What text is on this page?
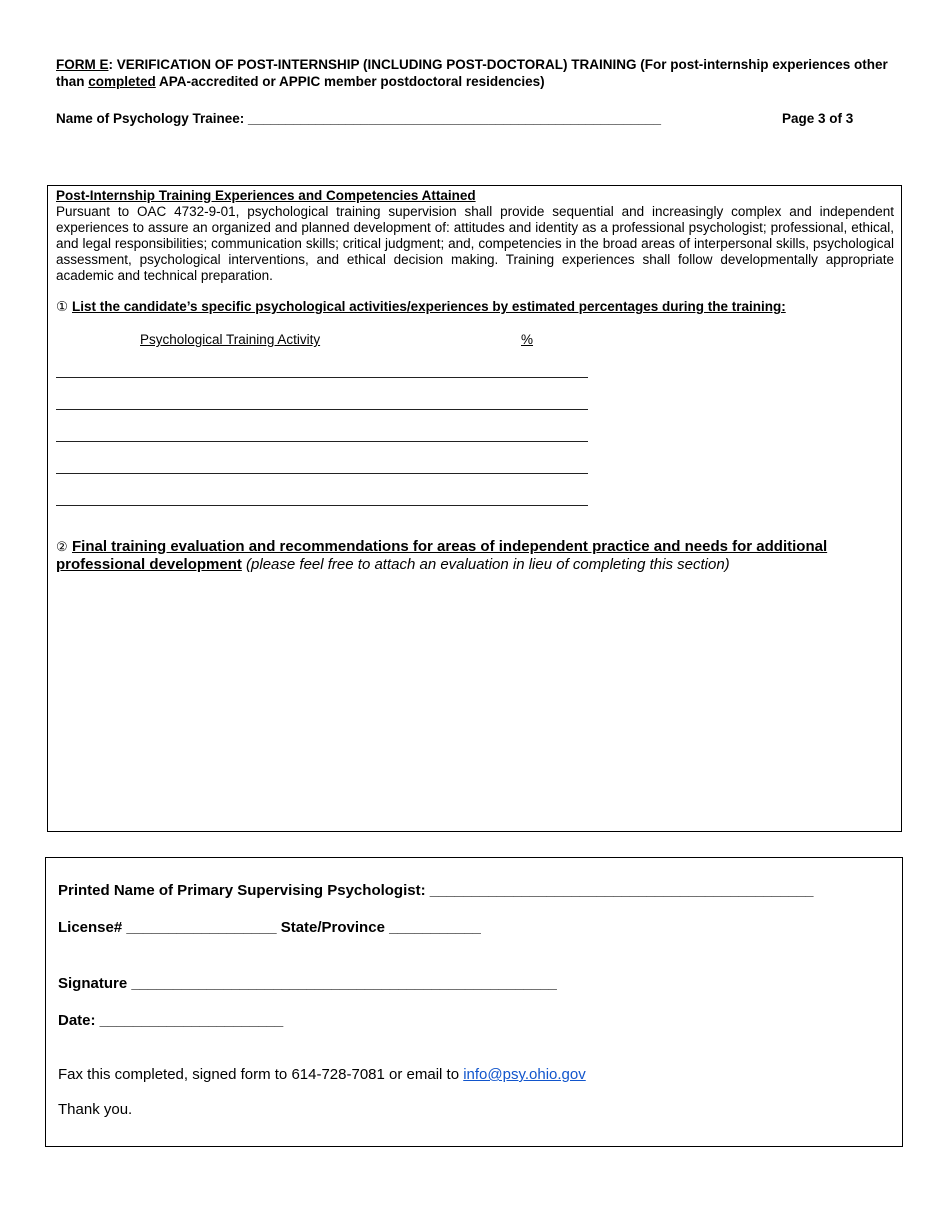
FORM E: VERIFICATION OF POST-INTERNSHIP (INCLUDING POST-DOCTORAL) TRAINING (For post-internship experiences other than completed APA-accredited or APPIC member postdoctoral residencies)
Name of Psychology Trainee: _______________________________________________________	Page 3 of 3
Post-Internship Training Experiences and Competencies Attained
Pursuant to OAC 4732-9-01, psychological training supervision shall provide sequential and increasingly complex and independent experiences to assure an organized and planned development of: attitudes and identity as a professional psychologist; professional, ethical, and legal responsibilities; communication skills; critical judgment; and, competencies in the broad areas of interpersonal skills, psychological assessment, psychological interventions, and ethical decision making. Training experiences shall follow developmentally appropriate academic and technical preparation.
① List the candidate’s specific psychological activities/experiences by estimated percentages during the training:
Psychological Training Activity	%
② Final training evaluation and recommendations for areas of independent practice and needs for additional professional development (please feel free to attach an evaluation in lieu of completing this section)
Printed Name of Primary Supervising Psychologist: ______________________________________________
License# __________________ State/Province ___________
Signature ___________________________________________________
Date: ______________________
Fax this completed, signed form to 614-728-7081 or email to info@psy.ohio.gov
Thank you.
